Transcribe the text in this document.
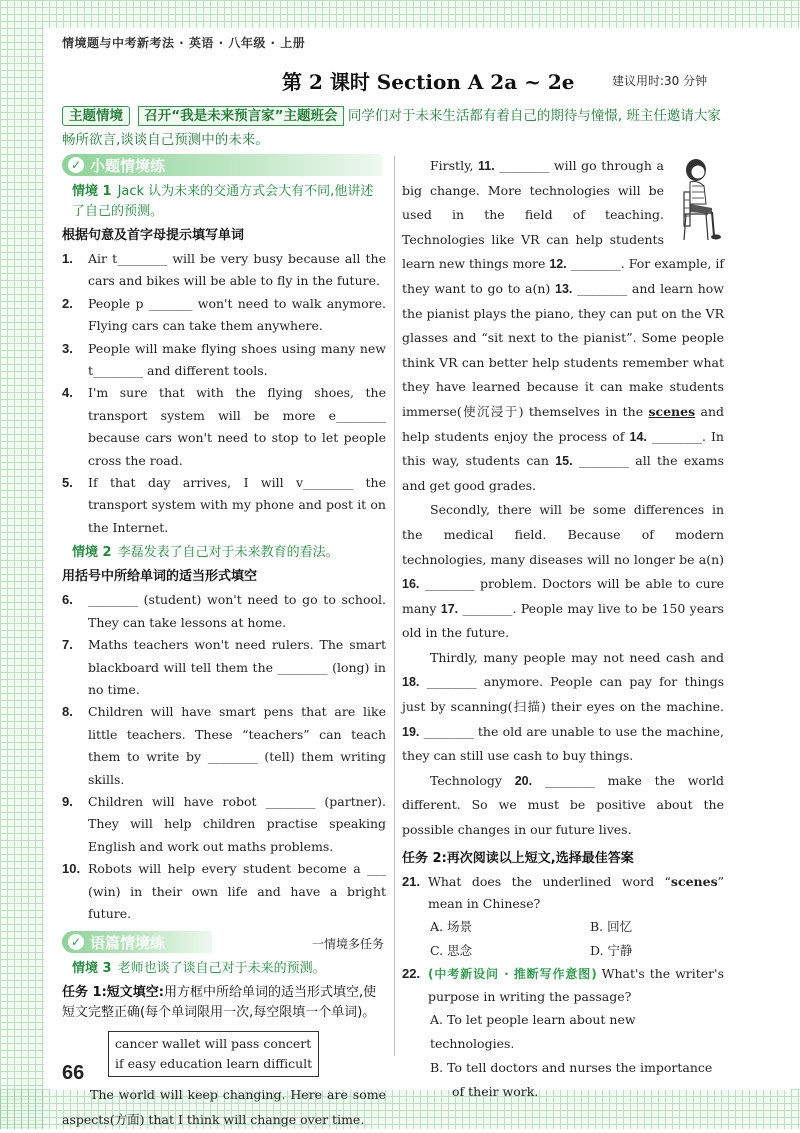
情境题与中考新考法 · 英语 · 八年级 · 上册
第 2 课时 Section A 2a ~ 2e	建议用时:30 分钟
主题情境 召开“我是未来预言家”主题班会 同学们对于未来生活都有着自己的期待与憧憬, 班主任邀请大家畅所欲言,谈谈自己预测中的未来。
✓ 小题情境练
情境 1 Jack 认为未来的交通方式会大有不同,他讲述了自己的预测。
根据句意及首字母提示填写单词
1. Air t________ will be very busy because all the cars and bikes will be able to fly in the future.
2. People p _______ won't need to walk anymore. Flying cars can take them anywhere.
3. People will make flying shoes using many new t________ and different tools.
4. I'm sure that with the flying shoes, the transport system will be more e________ because cars won't need to stop to let people cross the road.
5. If that day arrives, I will v________ the transport system with my phone and post it on the Internet.
情境 2 李磊发表了自己对于未来教育的看法。
用括号中所给单词的适当形式填空
6. ________ (student) won't need to go to school. They can take lessons at home.
7. Maths teachers won't need rulers. The smart blackboard will tell them the ________ (long) in no time.
8. Children will have smart pens that are like little teachers. These “teachers” can teach them to write by ________ (tell) them writing skills.
9. Children will have robot ________ (partner). They will help children practise speaking English and work out maths problems.
10. Robots will help every student become a ___ (win) in their own life and have a bright future.
✓ 语篇情境练	一情境多任务
情境 3 老师也谈了谈自己对于未来的预测。
任务 1:短文填空:用方框中所给单词的适当形式填空,使短文完整正确(每个单词限用一次,每空限填一个单词)。
cancer wallet will pass concert
if easy education learn difficult
The world will keep changing. Here are some aspects(方面) that I think will change over time.
Firstly, 11. ________ will go through a big change. More technologies will be used in the field of teaching. Technologies like VR can help students learn new things more 12. ________. For example, if they want to go to a(n) 13. ________ and learn how the pianist plays the piano, they can put on the VR glasses and “sit next to the pianist”. Some people think VR can better help students remember what they have learned because it can make students immerse(使沉浸于) themselves in the scenes and help students enjoy the process of 14. ________. In this way, students can 15. ________ all the exams and get good grades.
Secondly, there will be some differences in the medical field. Because of modern technologies, many diseases will no longer be a(n) 16. ________ problem. Doctors will be able to cure many 17. ________. People may live to be 150 years old in the future.
Thirdly, many people may not need cash and 18. ________ anymore. People can pay for things just by scanning(扫描) their eyes on the machine. 19. ________ the old are unable to use the machine, they can still use cash to buy things.
Technology 20. ________ make the world different. So we must be positive about the possible changes in our future lives.
任务 2:再次阅读以上短文,选择最佳答案
21. What does the underlined word “scenes” mean in Chinese?
A. 场景	B. 回忆
C. 思念	D. 宁静
22. (中考新设问 · 推断写作意图) What's the writer's purpose in writing the passage?
A. To let people learn about new technologies.
B. To tell doctors and nurses the importance of their work.
66
